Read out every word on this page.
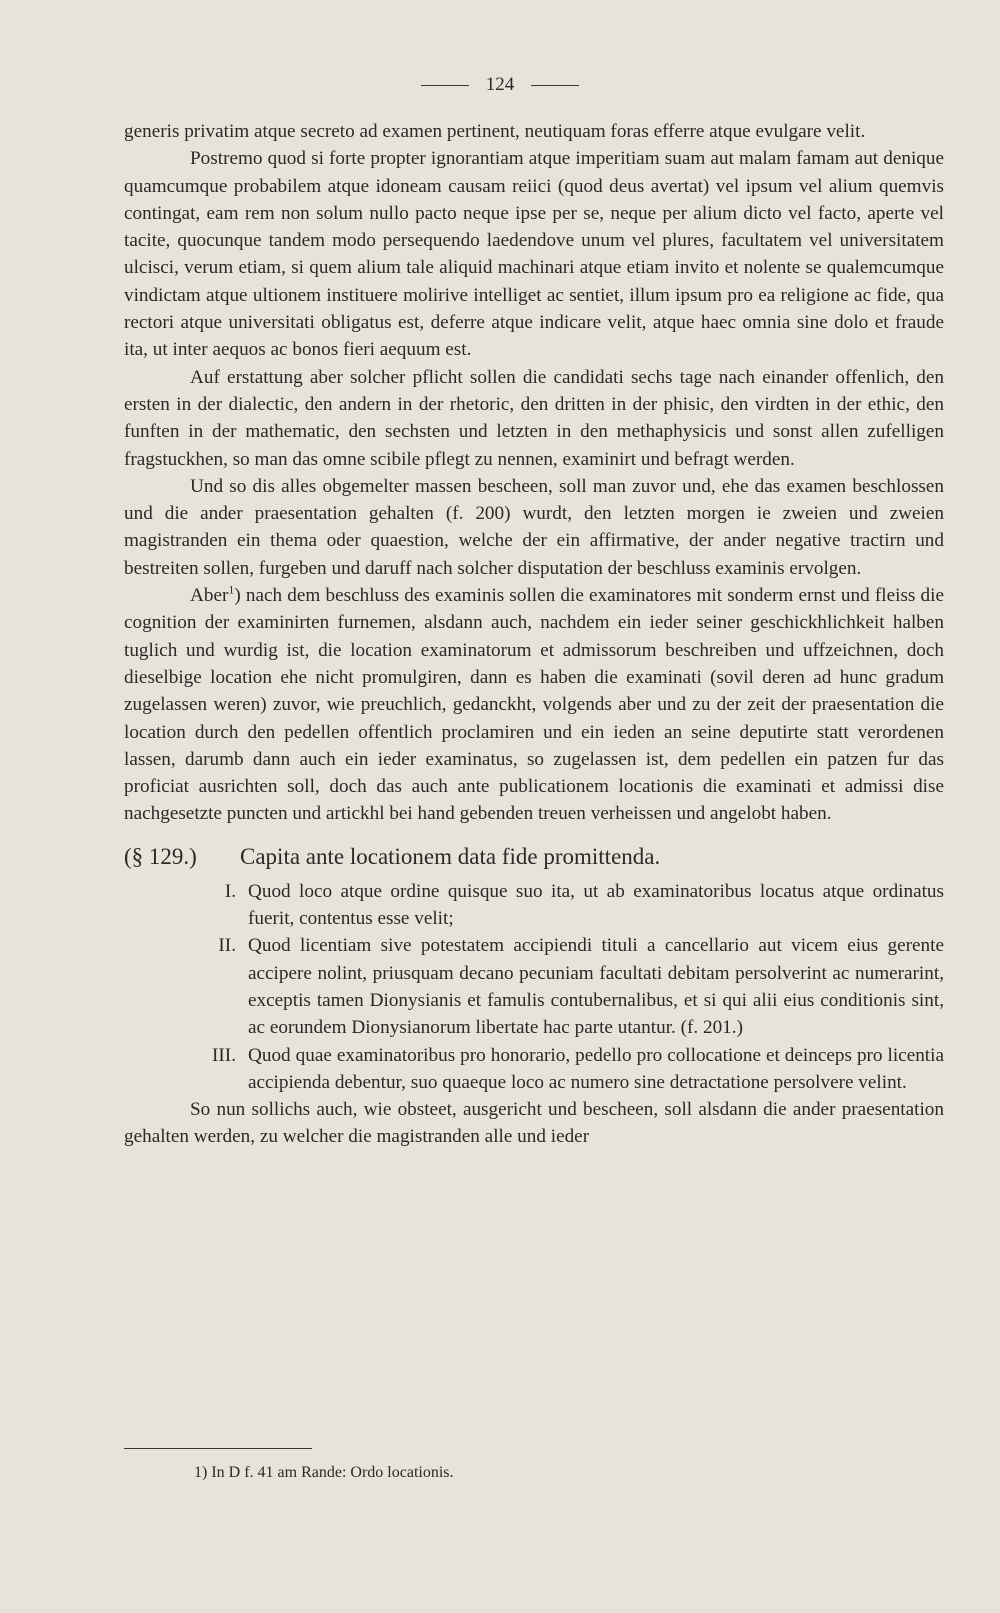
124

generis privatim atque secreto ad examen pertinent, neutiquam foras efferre atque evulgare velit.

Postremo quod si forte propter ignorantiam atque imperitiam suam aut malam famam aut denique quamcumque probabilem atque idoneam causam reiici (quod deus avertat) vel ipsum vel alium quemvis contingat, eam rem non solum nullo pacto neque ipse per se, neque per alium dicto vel facto, aperte vel tacite, quocunque tandem modo persequendo laedendove unum vel plures, facultatem vel universitatem ulcisci, verum etiam, si quem alium tale aliquid machinari atque etiam invito et nolente se qualemcumque vindictam atque ultionem instituere molirive intelliget ac sentiet, illum ipsum pro ea religione ac fide, qua rectori atque universitati obligatus est, deferre atque indicare velit, atque haec omnia sine dolo et fraude ita, ut inter aequos ac bonos fieri aequum est.

Auf erstattung aber solcher pflicht sollen die candidati sechs tage nach einander offenlich, den ersten in der dialectic, den andern in der rhetoric, den dritten in der phisic, den virdten in der ethic, den funften in der mathematic, den sechsten und letzten in den methaphysicis und sonst allen zufelligen fragstuckhen, so man das omne scibile pflegt zu nennen, examinirt und befragt werden.

Und so dis alles obgemelter massen bescheen, soll man zuvor und, ehe das examen beschlossen und die ander praesentation gehalten (f. 200) wurdt, den letzten morgen ie zweien und zweien magistranden ein thema oder quaestion, welche der ein affirmative, der ander negative tractirn und bestreiten sollen, furgeben und daruff nach solcher disputation der beschluss examinis ervolgen.

Aber$^1$) nach dem beschluss des examinis sollen die examinatores mit sonderm ernst und fleiss die cognition der examinirten furnemen, alsdann auch, nachdem ein ieder seiner geschickhlichkeit halben tuglich und wurdig ist, die location examinatorum et admissorum beschreiben und uffzeichnen, doch dieselbige location ehe nicht promulgiren, dann es haben die examinati (sovil deren ad hunc gradum zugelassen weren) zuvor, wie preuchlich, gedanckht, volgends aber und zu der zeit der praesentation die location durch den pedellen offentlich proclamiren und ein ieden an seine deputirte statt verordenen lassen, darumb dann auch ein ieder examinatus, so zugelassen ist, dem pedellen ein patzen fur das proficiat ausrichten soll, doch das auch ante publicationem locationis die examinati et admissi dise nachgesetzte puncten und artickhl bei hand gebenden treuen verheissen und angelobt haben.

(§ 129.) Capita ante locationem data fide promittenda.

I. Quod loco atque ordine quisque suo ita, ut ab examinatoribus locatus atque ordinatus fuerit, contentus esse velit;

II. Quod licentiam sive potestatem accipiendi tituli a cancellario aut vicem eius gerente accipere nolint, priusquam decano pecuniam facultati debitam persolverint ac numerarint, exceptis tamen Dionysianis et famulis contubernalibus, et si qui alii eius conditionis sint, ac eorundem Dionysianorum libertate hac parte utantur. (f. 201.)

III. Quod quae examinatoribus pro honorario, pedello pro collocatione et deinceps pro licentia accipienda debentur, suo quaeque loco ac numero sine detractatione persolvere velint.

So nun sollichs auch, wie obsteet, ausgericht und bescheen, soll alsdann die ander praesentation gehalten werden, zu welcher die magistranden alle und ieder

1) In D f. 41 am Rande: Ordo locationis.
